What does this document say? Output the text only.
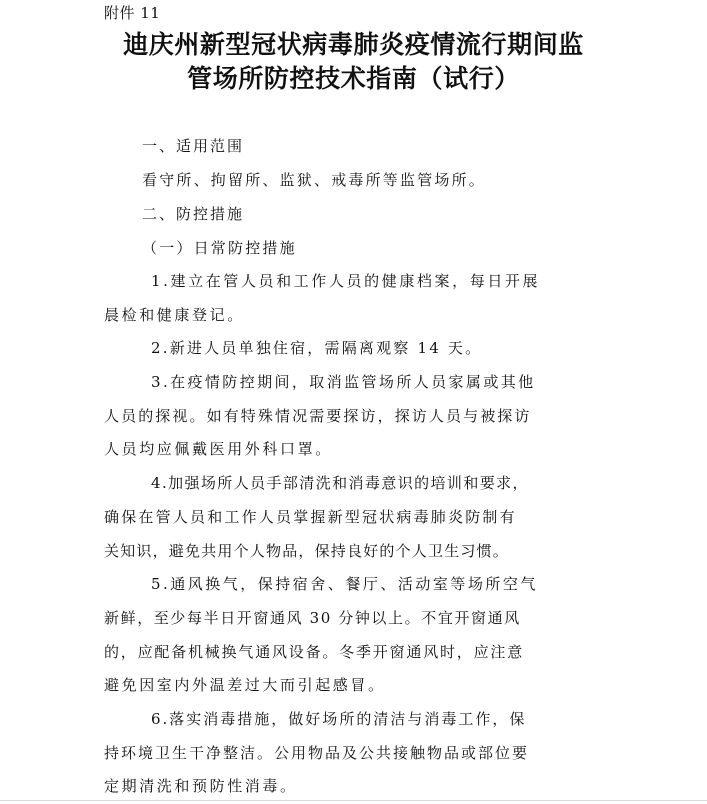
附件 11
迪庆州新型冠状病毒肺炎疫情流行期间监
管场所防控技术指南（试行）
一、适用范围
看守所、拘留所、监狱、戒毒所等监管场所。
二、防控措施
（一）日常防控措施
1.建立在管人员和工作人员的健康档案，每日开展
晨检和健康登记。
2.新进人员单独住宿，需隔离观察 14 天。
3.在疫情防控期间，取消监管场所人员家属或其他
人员的探视。如有特殊情况需要探访，探访人员与被探访
人员均应佩戴医用外科口罩。
4.加强场所人员手部清洗和消毒意识的培训和要求，
确保在管人员和工作人员掌握新型冠状病毒肺炎防制有
关知识，避免共用个人物品，保持良好的个人卫生习惯。
5.通风换气，保持宿舍、餐厅、活动室等场所空气
新鲜，至少每半日开窗通风 30 分钟以上。不宜开窗通风
的，应配备机械换气通风设备。冬季开窗通风时，应注意
避免因室内外温差过大而引起感冒。
6.落实消毒措施，做好场所的清洁与消毒工作，保
持环境卫生干净整洁。公用物品及公共接触物品或部位要
定期清洗和预防性消毒。
